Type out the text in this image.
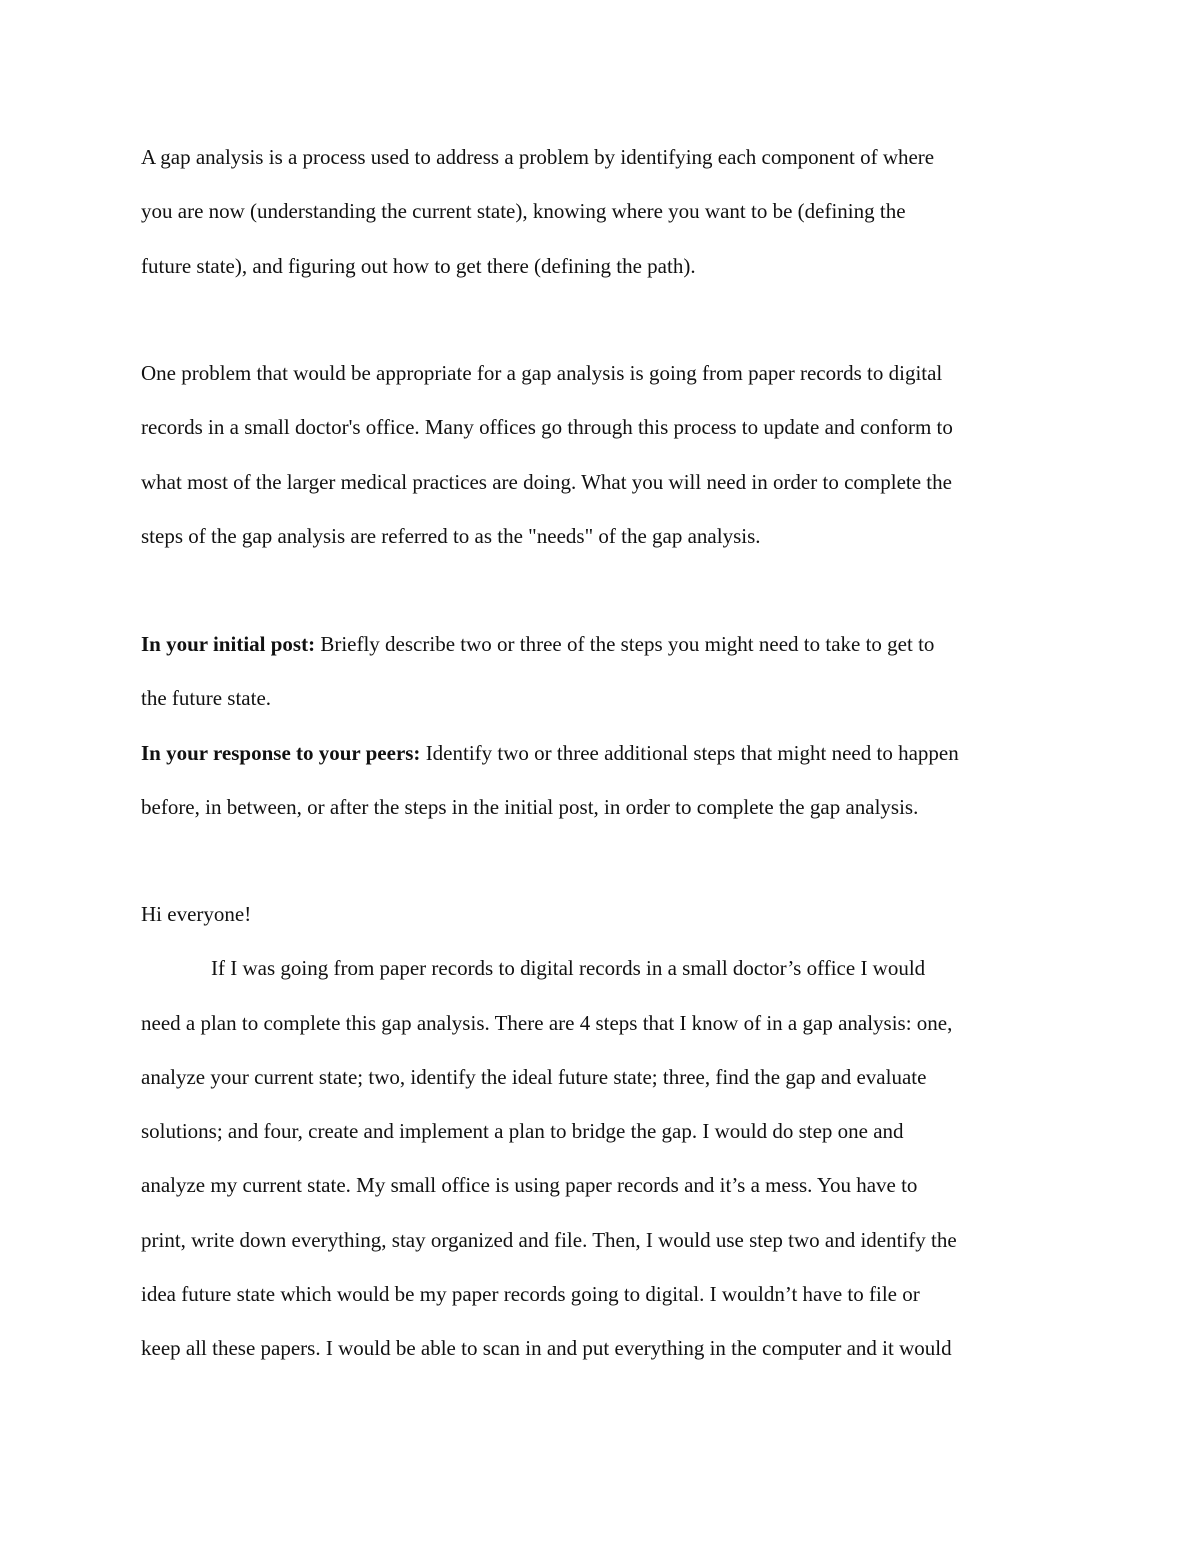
A gap analysis is a process used to address a problem by identifying each component of where

you are now (understanding the current state), knowing where you want to be (defining the

future state), and figuring out how to get there (defining the path).

One problem that would be appropriate for a gap analysis is going from paper records to digital

records in a small doctor's office. Many offices go through this process to update and conform to

what most of the larger medical practices are doing. What you will need in order to complete the

steps of the gap analysis are referred to as the "needs" of the gap analysis.

In your initial post: Briefly describe two or three of the steps you might need to take to get to

the future state.

In your response to your peers: Identify two or three additional steps that might need to happen

before, in between, or after the steps in the initial post, in order to complete the gap analysis.

Hi everyone!

If I was going from paper records to digital records in a small doctor’s office I would

need a plan to complete this gap analysis. There are 4 steps that I know of in a gap analysis: one,

analyze your current state; two, identify the ideal future state; three, find the gap and evaluate

solutions; and four, create and implement a plan to bridge the gap. I would do step one and

analyze my current state. My small office is using paper records and it’s a mess. You have to

print, write down everything, stay organized and file. Then, I would use step two and identify the

idea future state which would be my paper records going to digital. I wouldn’t have to file or

keep all these papers. I would be able to scan in and put everything in the computer and it would
